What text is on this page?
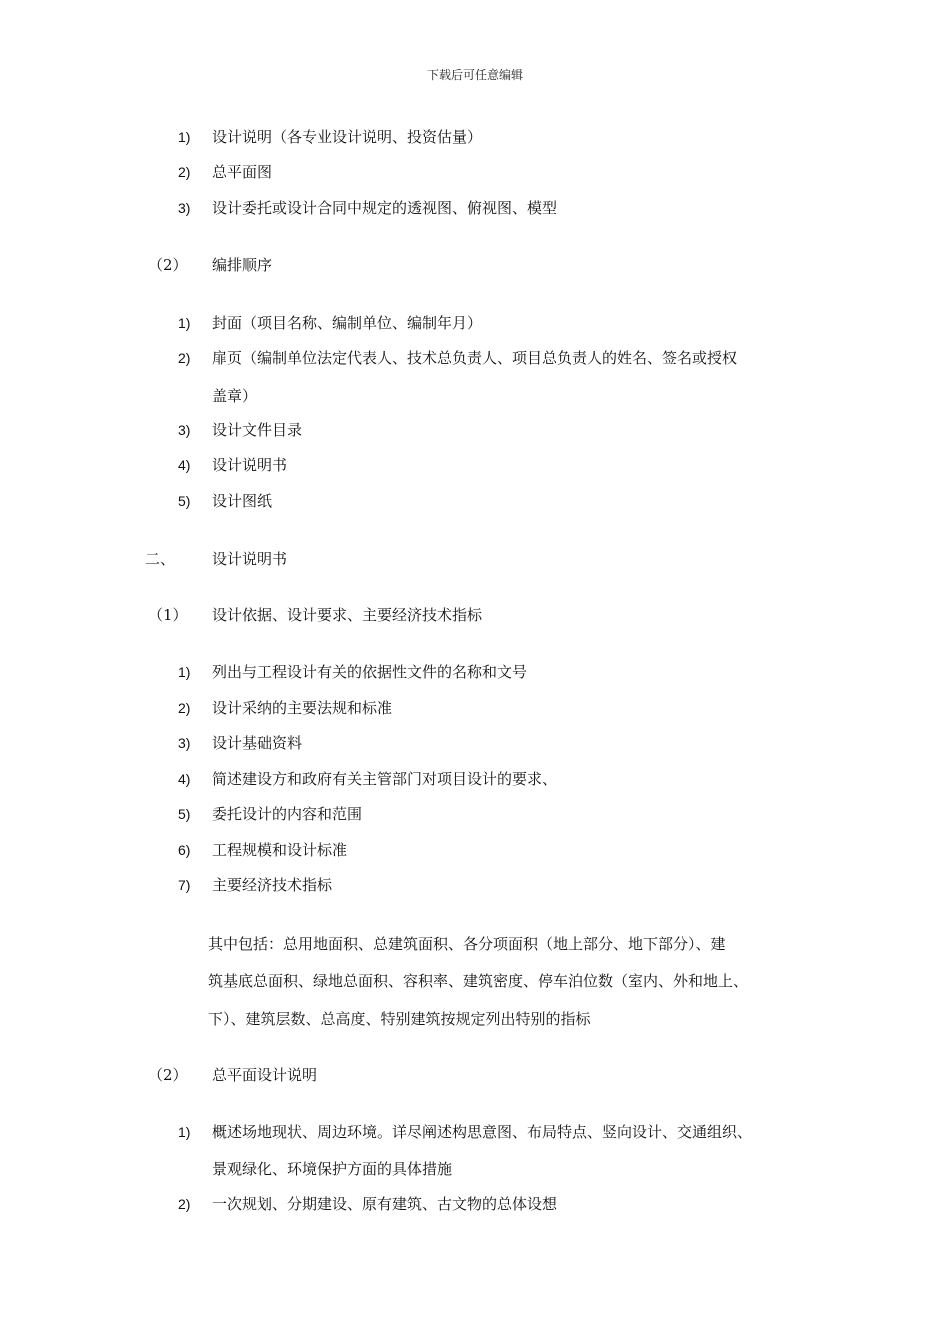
下载后可任意编辑
1)	设计说明（各专业设计说明、投资估量）
2)	总平面图
3)	设计委托或设计合同中规定的透视图、俯视图、模型
（2） 编排顺序
1)	封面（项目名称、编制单位、编制年月）
2)	扉页（编制单位法定代表人、技术总负责人、项目总负责人的姓名、签名或授权
盖章）
3)	设计文件目录
4)	设计说明书
5)	设计图纸
二、 设计说明书
（1） 设计依据、设计要求、主要经济技术指标
1)	列出与工程设计有关的依据性文件的名称和文号
2)	设计采纳的主要法规和标准
3)	设计基础资料
4)	简述建设方和政府有关主管部门对项目设计的要求、
5)	委托设计的内容和范围
6)	工程规模和设计标准
7)	主要经济技术指标
其中包括：总用地面积、总建筑面积、各分项面积（地上部分、地下部分）、建
筑基底总面积、绿地总面积、容积率、建筑密度、停车泊位数（室内、外和地上、
下）、建筑层数、总高度、特别建筑按规定列出特别的指标
（2） 总平面设计说明
1)	概述场地现状、周边环境。详尽阐述构思意图、布局特点、竖向设计、交通组织、
景观绿化、环境保护方面的具体措施
2)	一次规划、分期建设、原有建筑、古文物的总体设想
